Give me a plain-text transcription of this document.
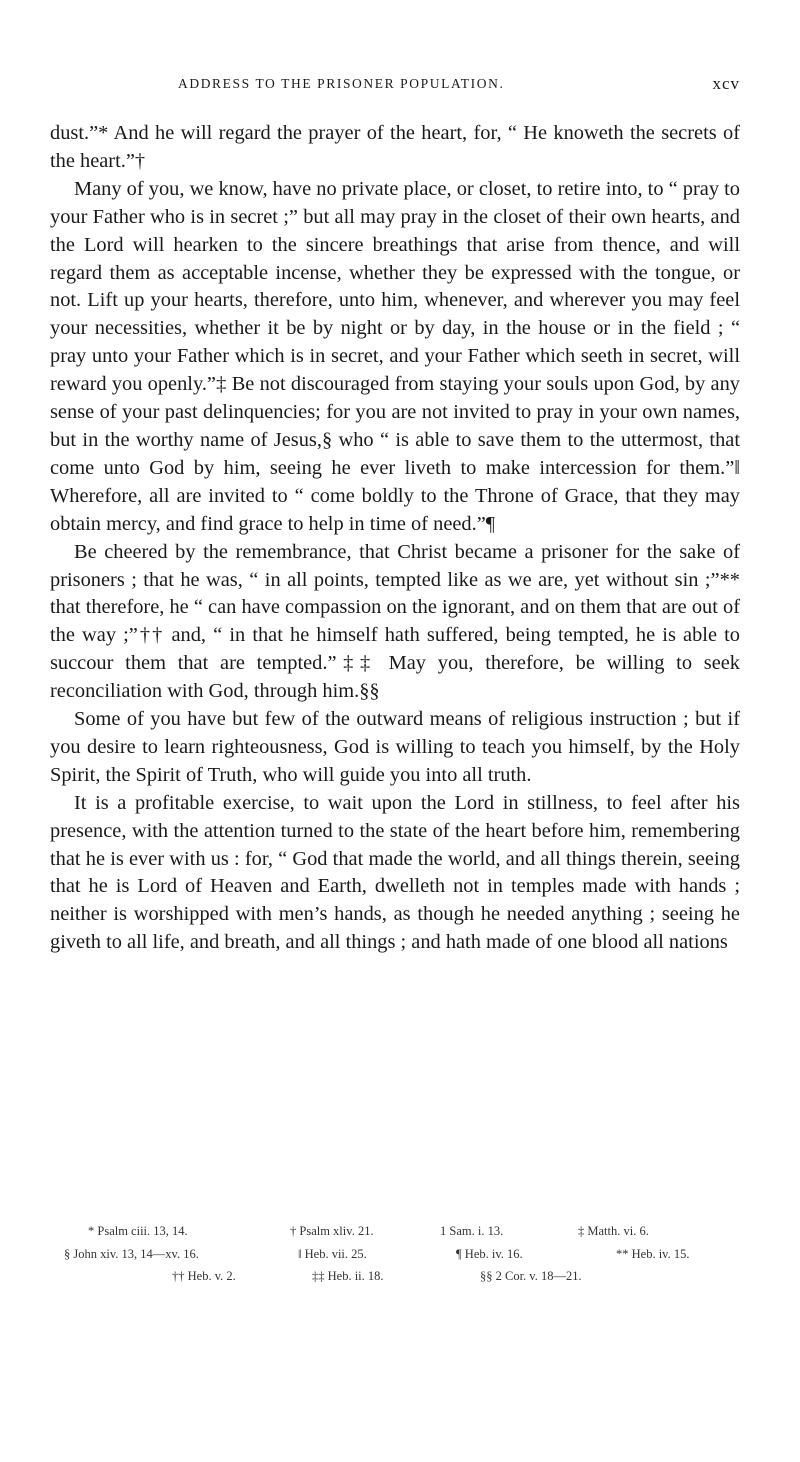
ADDRESS TO THE PRISONER POPULATION.	xcv

dust.”* And he will regard the prayer of the heart, for, “ He knoweth the secrets of the heart.”†

Many of you, we know, have no private place, or closet, to retire into, to “ pray to your Father who is in secret ;” but all may pray in the closet of their own hearts, and the Lord will hearken to the sincere breathings that arise from thence, and will regard them as acceptable incense, whether they be expressed with the tongue, or not. Lift up your hearts, therefore, unto him, whenever, and wherever you may feel your necessities, whether it be by night or by day, in the house or in the field ; “ pray unto your Father which is in secret, and your Father which seeth in secret, will reward you openly.”‡ Be not discouraged from staying your souls upon God, by any sense of your past delinquencies; for you are not invited to pray in your own names, but in the worthy name of Jesus,§ who “ is able to save them to the uttermost, that come unto God by him, seeing he ever liveth to make intercession for them.”‖ Wherefore, all are invited to “ come boldly to the Throne of Grace, that they may obtain mercy, and find grace to help in time of need.”¶

Be cheered by the remembrance, that Christ became a prisoner for the sake of prisoners ; that he was, “ in all points, tempted like as we are, yet without sin ;”** that therefore, he “ can have compassion on the ignorant, and on them that are out of the way ;”†† and, “ in that he himself hath suffered, being tempted, he is able to succour them that are tempted.”‡‡ May you, therefore, be willing to seek reconciliation with God, through him.§§

Some of you have but few of the outward means of religious instruction ; but if you desire to learn righteousness, God is willing to teach you himself, by the Holy Spirit, the Spirit of Truth, who will guide you into all truth.

It is a profitable exercise, to wait upon the Lord in stillness, to feel after his presence, with the attention turned to the state of the heart before him, remembering that he is ever with us : for, “ God that made the world, and all things therein, seeing that he is Lord of Heaven and Earth, dwelleth not in temples made with hands ; neither is worshipped with men’s hands, as though he needed anything ; seeing he giveth to all life, and breath, and all things ; and hath made of one blood all nations

* Psalm ciii. 13, 14.	† Psalm xliv. 21.	1 Sam. i. 13.	‡ Matth. vi. 6.
§ John xiv. 13, 14—xv. 16.	‖ Heb. vii. 25.	¶ Heb. iv. 16.	** Heb. iv. 15.
†† Heb. v. 2.	‡‡ Heb. ii. 18.	§§ 2 Cor. v. 18—21.
